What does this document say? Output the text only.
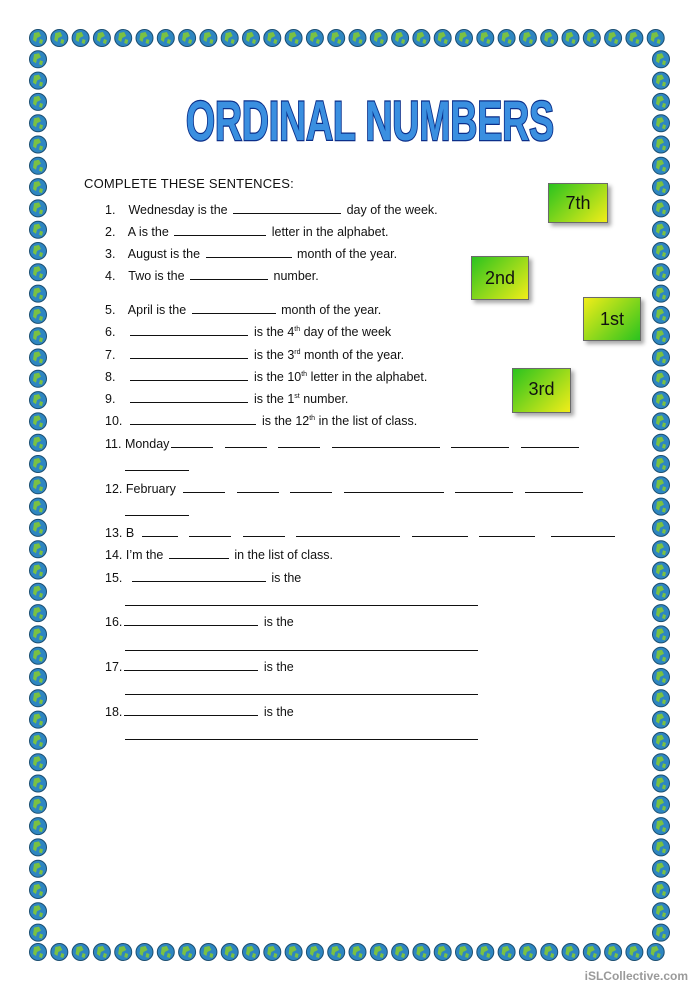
ORDINAL NUMBERS
COMPLETE THESE SENTENCES:
7th
2nd
1st
3rd
1. Wednesday is the	day of the week.
2. A is the	letter in the alphabet.
3. August is the	month of the year.
4. Two is the	number.
5. April is the	month of the year.
6.	is the 4th day of the week
7.	is the 3rd month of the year.
8.	is the 10th letter in the alphabet.
9.	is the 1st number.
10.	is the 12th in the list of class.
11. Monday
12. February
13. B
14. I’m the	in the list of class.
15.	is the
16.	is the
17.	is the
18.	is the
iSLCollective.com
